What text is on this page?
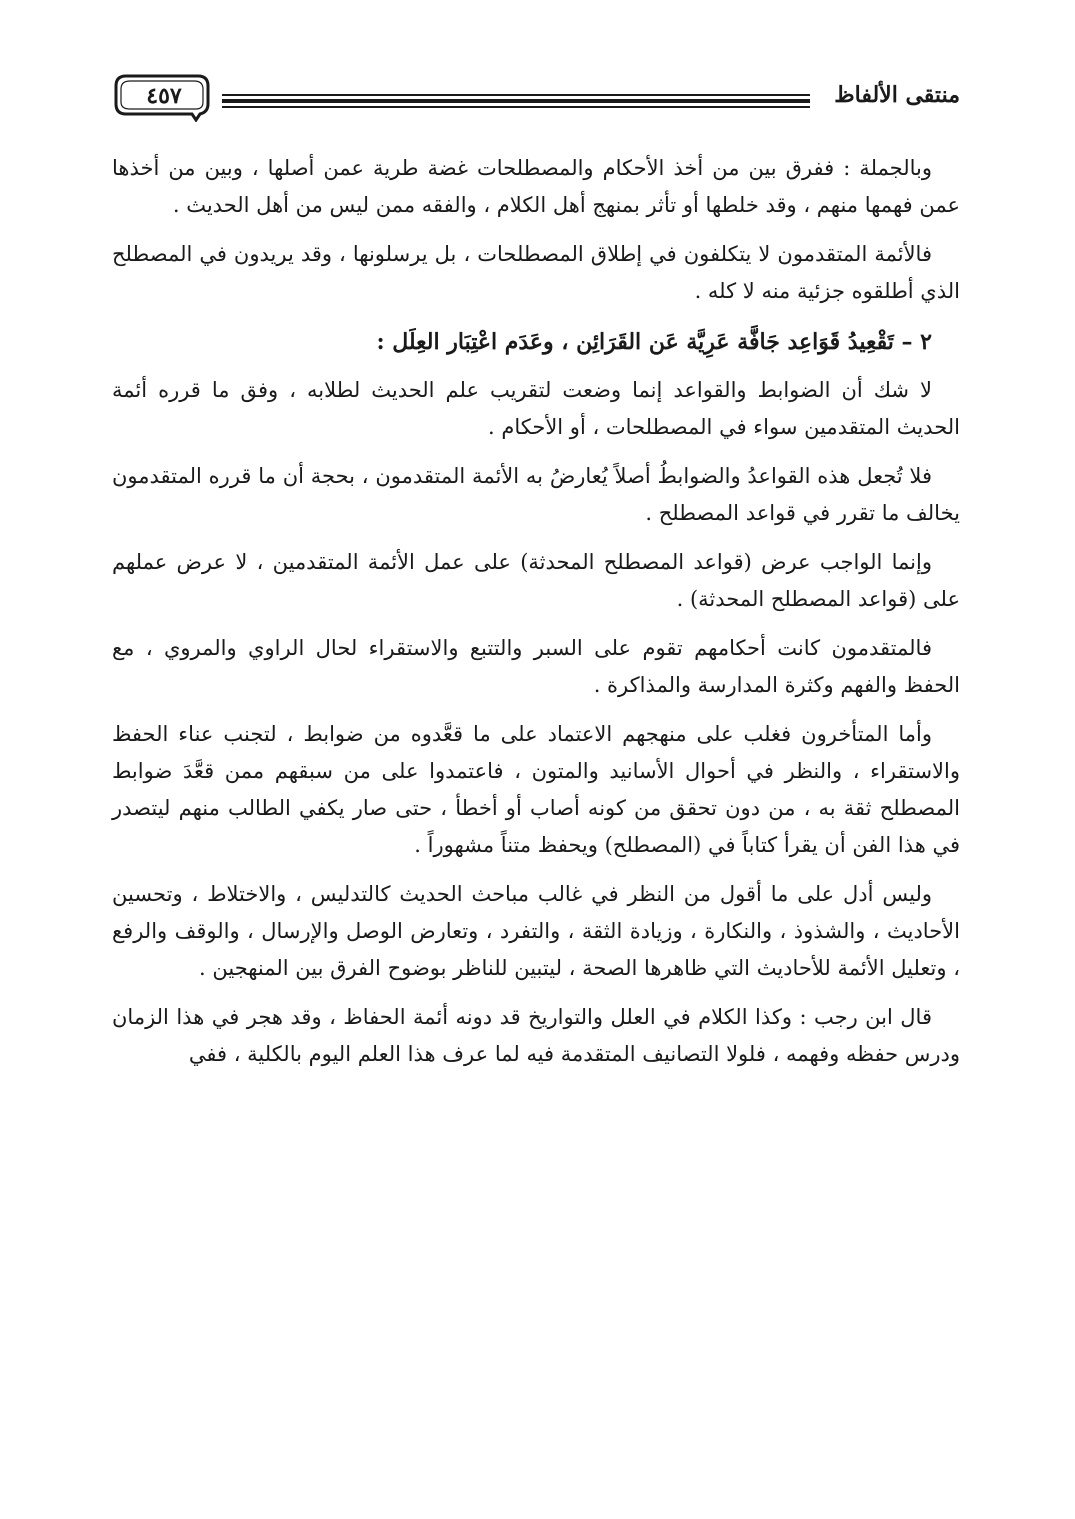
٤٥٧	منتقى الألفاظ

وبالجملة : ففرق بين من أخذ الأحكام والمصطلحات غضة طرية عمن أصلها ، وبين من أخذها عمن فهمها منهم ، وقد خلطها أو تأثر بمنهج أهل الكلام ، والفقه ممن ليس من أهل الحديث .

فالأئمة المتقدمون لا يتكلفون في إطلاق المصطلحات ، بل يرسلونها ، وقد يريدون في المصطلح الذي أطلقوه جزئية منه لا كله .

٢ – تَقْعِيدُ قَوَاعِد جَافَّة عَرِيَّة عَن القَرَائِن ، وعَدَم اعْتِبَار العِلَل :

لا شك أن الضوابط والقواعد إنما وضعت لتقريب علم الحديث لطلابه ، وفق ما قرره أئمة الحديث المتقدمين سواء في المصطلحات ، أو الأحكام .

فلا تُجعل هذه القواعدُ والضوابطُ أصلاً يُعارضُ به الأئمة المتقدمون ، بحجة أن ما قرره المتقدمون يخالف ما تقرر في قواعد المصطلح .

وإنما الواجب عرض (قواعد المصطلح المحدثة) على عمل الأئمة المتقدمين ، لا عرض عملهم على (قواعد المصطلح المحدثة) .

فالمتقدمون كانت أحكامهم تقوم على السبر والتتبع والاستقراء لحال الراوي والمروي ، مع الحفظ والفهم وكثرة المدارسة والمذاكرة .

وأما المتأخرون فغلب على منهجهم الاعتماد على ما قعَّدوه من ضوابط ، لتجنب عناء الحفظ والاستقراء ، والنظر في أحوال الأسانيد والمتون ، فاعتمدوا على من سبقهم ممن قعَّدَ ضوابط المصطلح ثقة به ، من دون تحقق من كونه أصاب أو أخطأ ، حتى صار يكفي الطالب منهم ليتصدر في هذا الفن أن يقرأ كتاباً في (المصطلح) ويحفظ متناً مشهوراً .

وليس أدل على ما أقول من النظر في غالب مباحث الحديث كالتدليس ، والاختلاط ، وتحسين الأحاديث ، والشذوذ ، والنكارة ، وزيادة الثقة ، والتفرد ، وتعارض الوصل والإرسال ، والوقف والرفع ، وتعليل الأئمة للأحاديث التي ظاهرها الصحة ، ليتبين للناظر بوضوح الفرق بين المنهجين .

قال ابن رجب : وكذا الكلام في العلل والتواريخ قد دونه أئمة الحفاظ ، وقد هجر في هذا الزمان ودرس حفظه وفهمه ، فلولا التصانيف المتقدمة فيه لما عرف هذا العلم اليوم بالكلية ، ففي
